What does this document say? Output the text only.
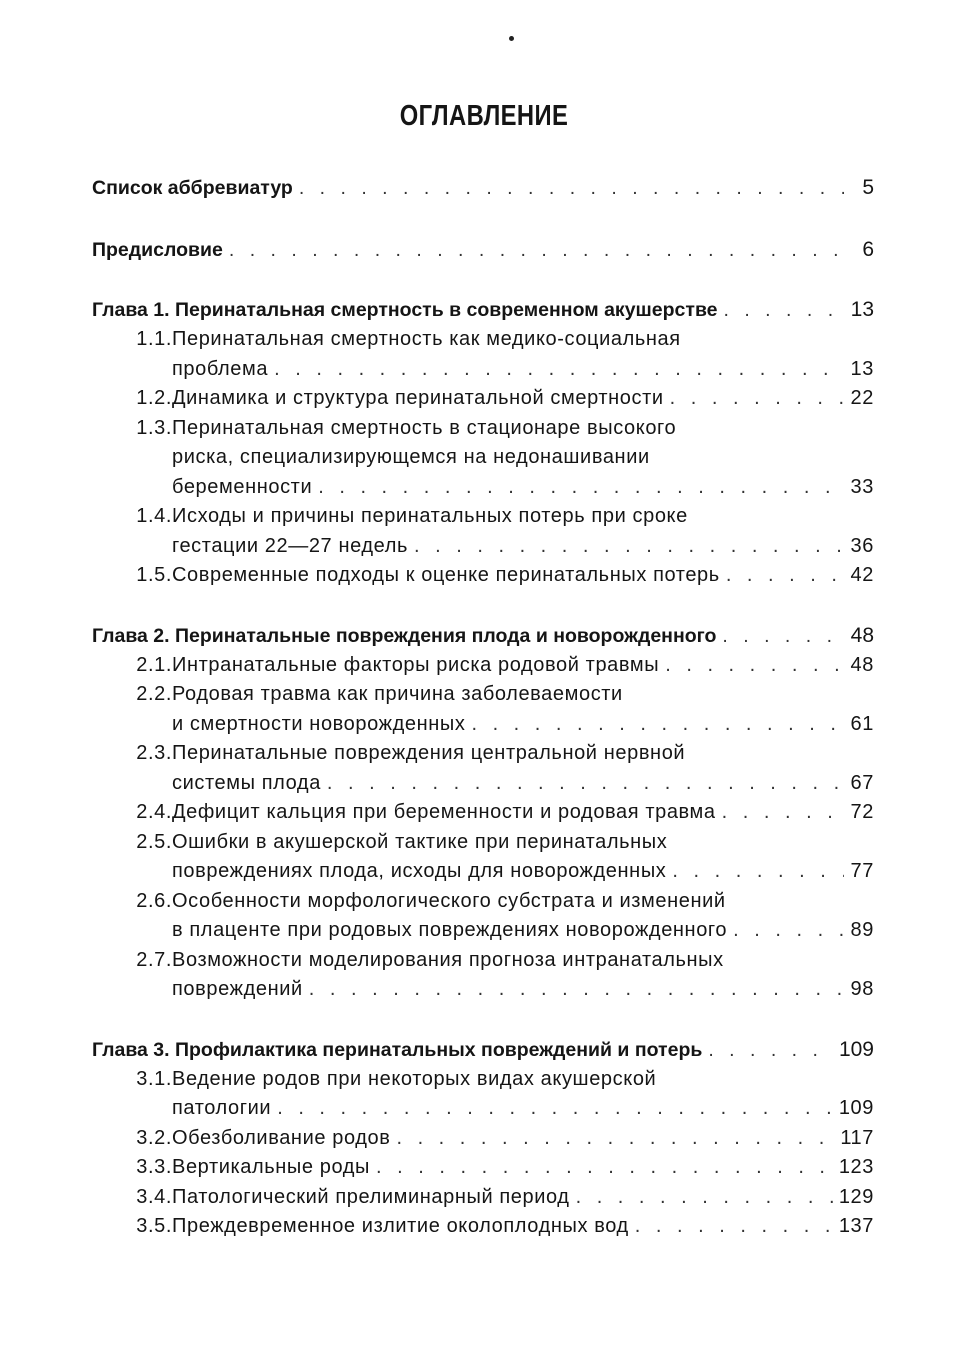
ОГЛАВЛЕНИЕ
Список аббревиатур . . .	5
Предисловие . . .	6
Глава 1. Перинатальная смертность в современном акушерстве . . .	13
1.1. Перинатальная смертность как медико-социальная
проблема . . .	13
1.2. Динамика и структура перинатальной смертности . . .	22
1.3. Перинатальная смертность в стационаре высокого
риска, специализирующемся на недонашивании
беременности . . .	33
1.4. Исходы и причины перинатальных потерь при сроке
гестации 22—27 недель . . .	36
1.5. Современные подходы к оценке перинатальных потерь . . .	42
Глава 2. Перинатальные повреждения плода и новорожденного . . .	48
2.1. Интранатальные факторы риска родовой травмы . . .	48
2.2. Родовая травма как причина заболеваемости
и смертности новорожденных . . .	61
2.3. Перинатальные повреждения центральной нервной
системы плода . . .	67
2.4. Дефицит кальция при беременности и родовая травма . . .	72
2.5. Ошибки в акушерской тактике при перинатальных
повреждениях плода, исходы для новорожденных . . .	77
2.6. Особенности морфологического субстрата и изменений
в плаценте при родовых повреждениях новорожденного . . .	89
2.7. Возможности моделирования прогноза интранатальных
повреждений . . .	98
Глава 3. Профилактика перинатальных повреждений и потерь . . .	109
3.1. Ведение родов при некоторых видах акушерской
патологии . . .	109
3.2. Обезболивание родов . . .	117
3.3. Вертикальные роды . . .	123
3.4. Патологический прелиминарный период . . .	129
3.5. Преждевременное излитие околоплодных вод . . .	137
